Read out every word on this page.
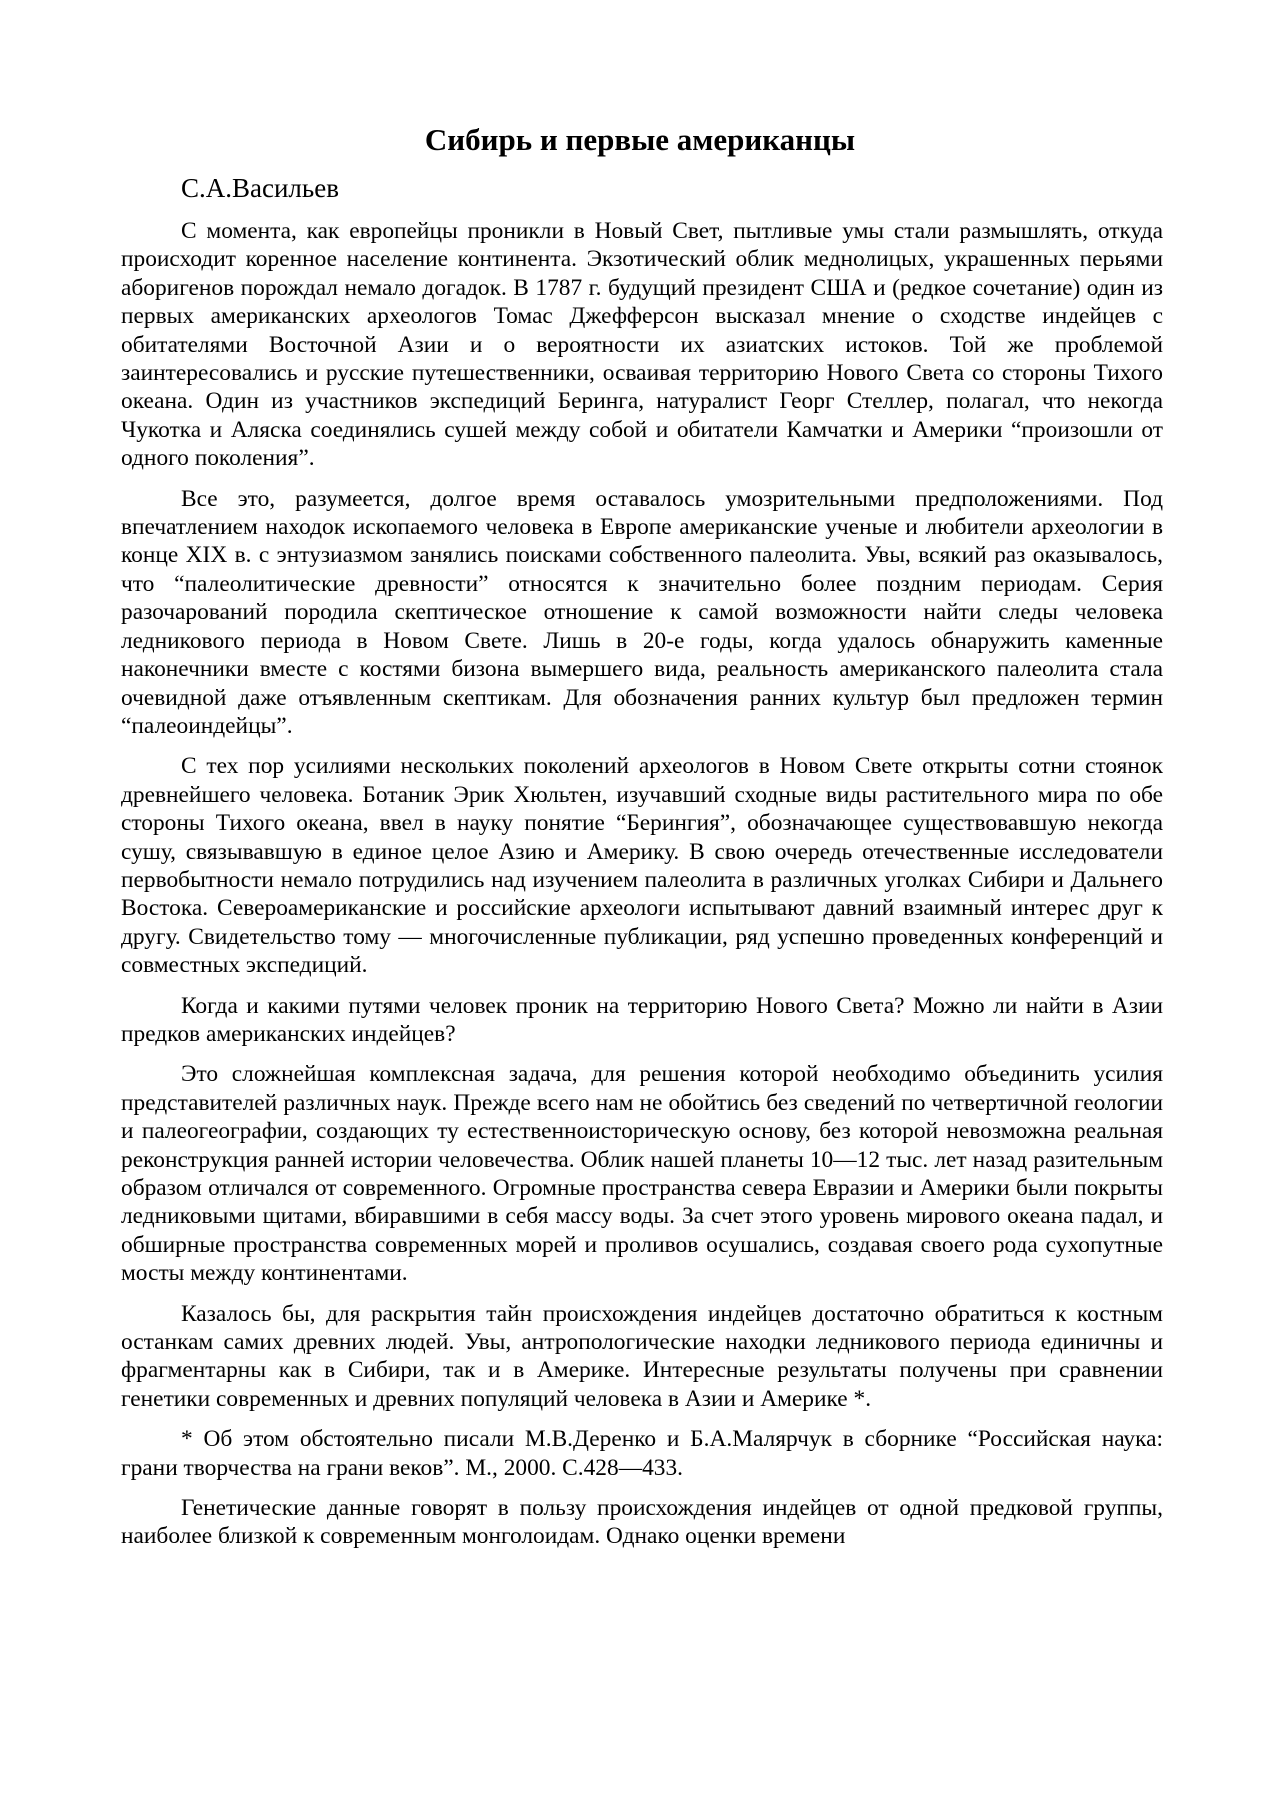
Сибирь и первые американцы
С.А.Васильев

С момента, как европейцы проникли в Новый Свет, пытливые умы стали размышлять, откуда происходит коренное население континента. Экзотический облик меднолицых, украшенных перьями аборигенов порождал немало догадок. В 1787 г. будущий президент США и (редкое сочетание) один из первых американских археологов Томас Джефферсон высказал мнение о сходстве индейцев с обитателями Восточной Азии и о вероятности их азиатских истоков. Той же проблемой заинтересовались и русские путешественники, осваивая территорию Нового Света со стороны Тихого океана. Один из участников экспедиций Беринга, натуралист Георг Стеллер, полагал, что некогда Чукотка и Аляска соединялись сушей между собой и обитатели Камчатки и Америки “произошли от одного поколения”.

Все это, разумеется, долгое время оставалось умозрительными предположениями. Под впечатлением находок ископаемого человека в Европе американские ученые и любители археологии в конце XIX в. с энтузиазмом занялись поисками собственного палеолита. Увы, всякий раз оказывалось, что “палеолитические древности” относятся к значительно более поздним периодам. Серия разочарований породила скептическое отношение к самой возможности найти следы человека ледникового периода в Новом Свете. Лишь в 20-е годы, когда удалось обнаружить каменные наконечники вместе с костями бизона вымершего вида, реальность американского палеолита стала очевидной даже отъявленным скептикам. Для обозначения ранних культур был предложен термин “палеоиндейцы”.

С тех пор усилиями нескольких поколений археологов в Новом Свете открыты сотни стоянок древнейшего человека. Ботаник Эрик Хюльтен, изучавший сходные виды растительного мира по обе стороны Тихого океана, ввел в науку понятие “Берингия”, обозначающее существовавшую некогда сушу, связывавшую в единое целое Азию и Америку. В свою очередь отечественные исследователи первобытности немало потрудились над изучением палеолита в различных уголках Сибири и Дальнего Востока. Североамериканские и российские археологи испытывают давний взаимный интерес друг к другу. Свидетельство тому — многочисленные публикации, ряд успешно проведенных конференций и совместных экспедиций.

Когда и какими путями человек проник на территорию Нового Света? Можно ли найти в Азии предков американских индейцев?

Это сложнейшая комплексная задача, для решения которой необходимо объединить усилия представителей различных наук. Прежде всего нам не обойтись без сведений по четвертичной геологии и палеогеографии, создающих ту естественноисторическую основу, без которой невозможна реальная реконструкция ранней истории человечества. Облик нашей планеты 10—12 тыс. лет назад разительным образом отличался от современного. Огромные пространства севера Евразии и Америки были покрыты ледниковыми щитами, вбиравшими в себя массу воды. За счет этого уровень мирового океана падал, и обширные пространства современных морей и проливов осушались, создавая своего рода сухопутные мосты между континентами.

Казалось бы, для раскрытия тайн происхождения индейцев достаточно обратиться к костным останкам самих древних людей. Увы, антропологические находки ледникового периода единичны и фрагментарны как в Сибири, так и в Америке. Интересные результаты получены при сравнении генетики современных и древних популяций человека в Азии и Америке *.

* Об этом обстоятельно писали М.В.Деренко и Б.А.Малярчук в сборнике “Российская наука: грани творчества на грани веков”. М., 2000. С.428—433.

Генетические данные говорят в пользу происхождения индейцев от одной предковой группы, наиболее близкой к современным монголоидам. Однако оценки времени
